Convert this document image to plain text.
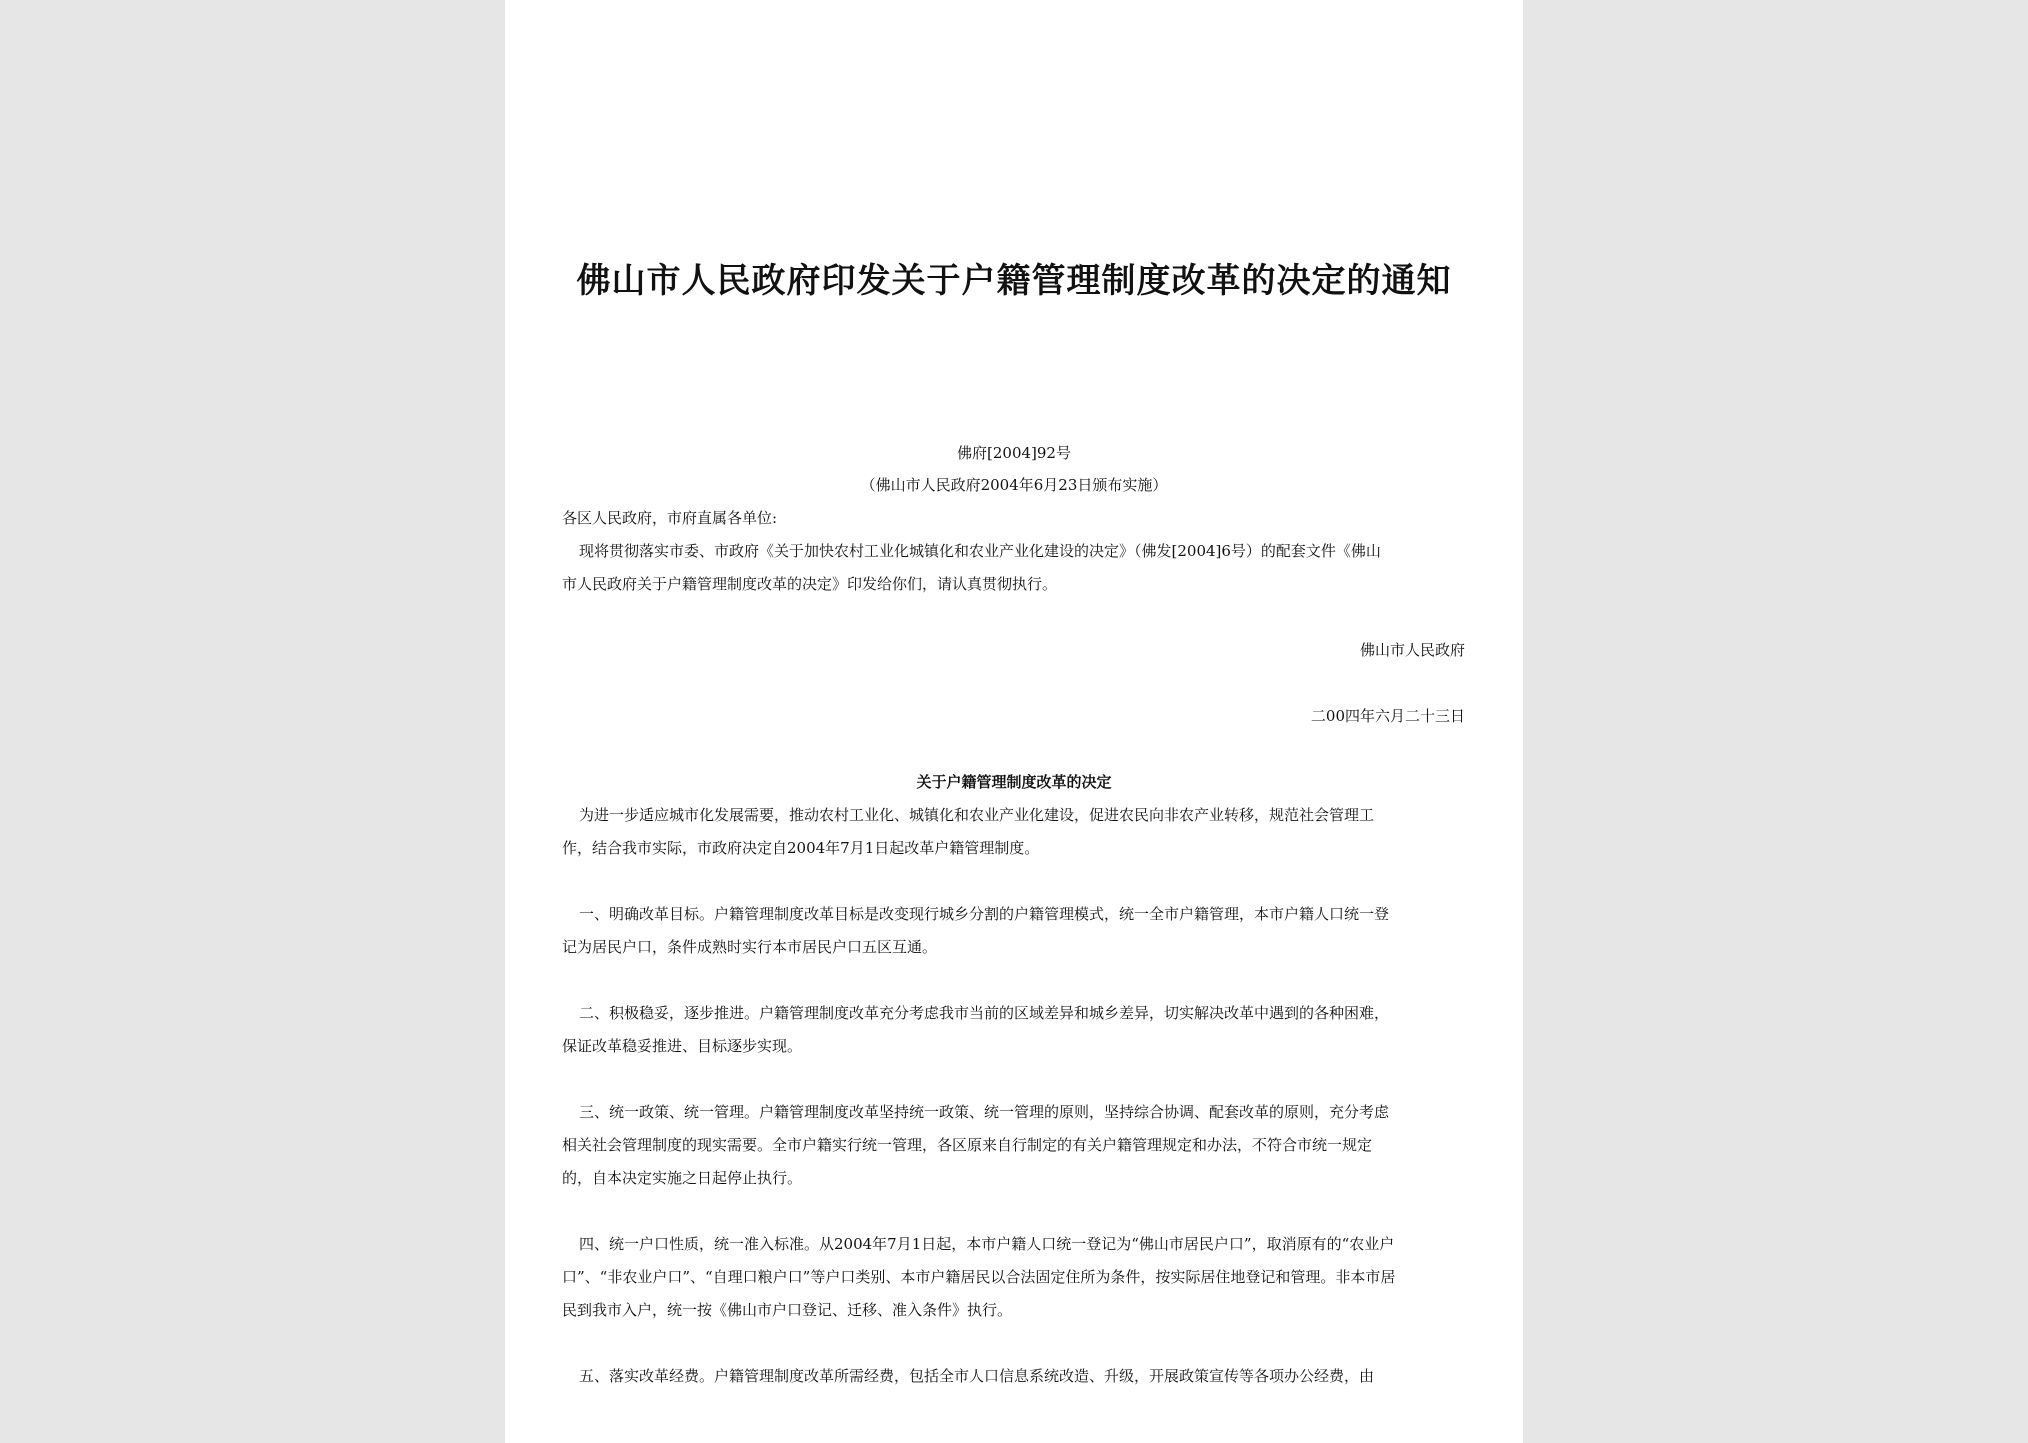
佛山市人民政府印发关于户籍管理制度改革的决定的通知
佛府[2004]92号
（佛山市人民政府2004年6月23日颁布实施）
各区人民政府，市府直属各单位:
现将贯彻落实市委、市政府《关于加快农村工业化城镇化和农业产业化建设的决定》（佛发[2004]6号）的配套文件《佛山
市人民政府关于户籍管理制度改革的决定》印发给你们，请认真贯彻执行。
佛山市人民政府
二00四年六月二十三日
关于户籍管理制度改革的决定
为进一步适应城市化发展需要，推动农村工业化、城镇化和农业产业化建设，促进农民向非农产业转移，规范社会管理工
作，结合我市实际，市政府决定自2004年7月1日起改革户籍管理制度。
一、明确改革目标。户籍管理制度改革目标是改变现行城乡分割的户籍管理模式，统一全市户籍管理，本市户籍人口统一登
记为居民户口，条件成熟时实行本市居民户口五区互通。
二、积极稳妥，逐步推进。户籍管理制度改革充分考虑我市当前的区域差异和城乡差异，切实解决改革中遇到的各种困难，
保证改革稳妥推进、目标逐步实现。
三、统一政策、统一管理。户籍管理制度改革坚持统一政策、统一管理的原则，坚持综合协调、配套改革的原则，充分考虑
相关社会管理制度的现实需要。全市户籍实行统一管理，各区原来自行制定的有关户籍管理规定和办法，不符合市统一规定
的，自本决定实施之日起停止执行。
四、统一户口性质，统一准入标准。从2004年7月1日起，本市户籍人口统一登记为“佛山市居民户口”，取消原有的“农业户
口”、“非农业户口”、“自理口粮户口”等户口类别、本市户籍居民以合法固定住所为条件，按实际居住地登记和管理。非本市居
民到我市入户，统一按《佛山市户口登记、迁移、准入条件》执行。
五、落实改革经费。户籍管理制度改革所需经费，包括全市人口信息系统改造、升级，开展政策宣传等各项办公经费，由
